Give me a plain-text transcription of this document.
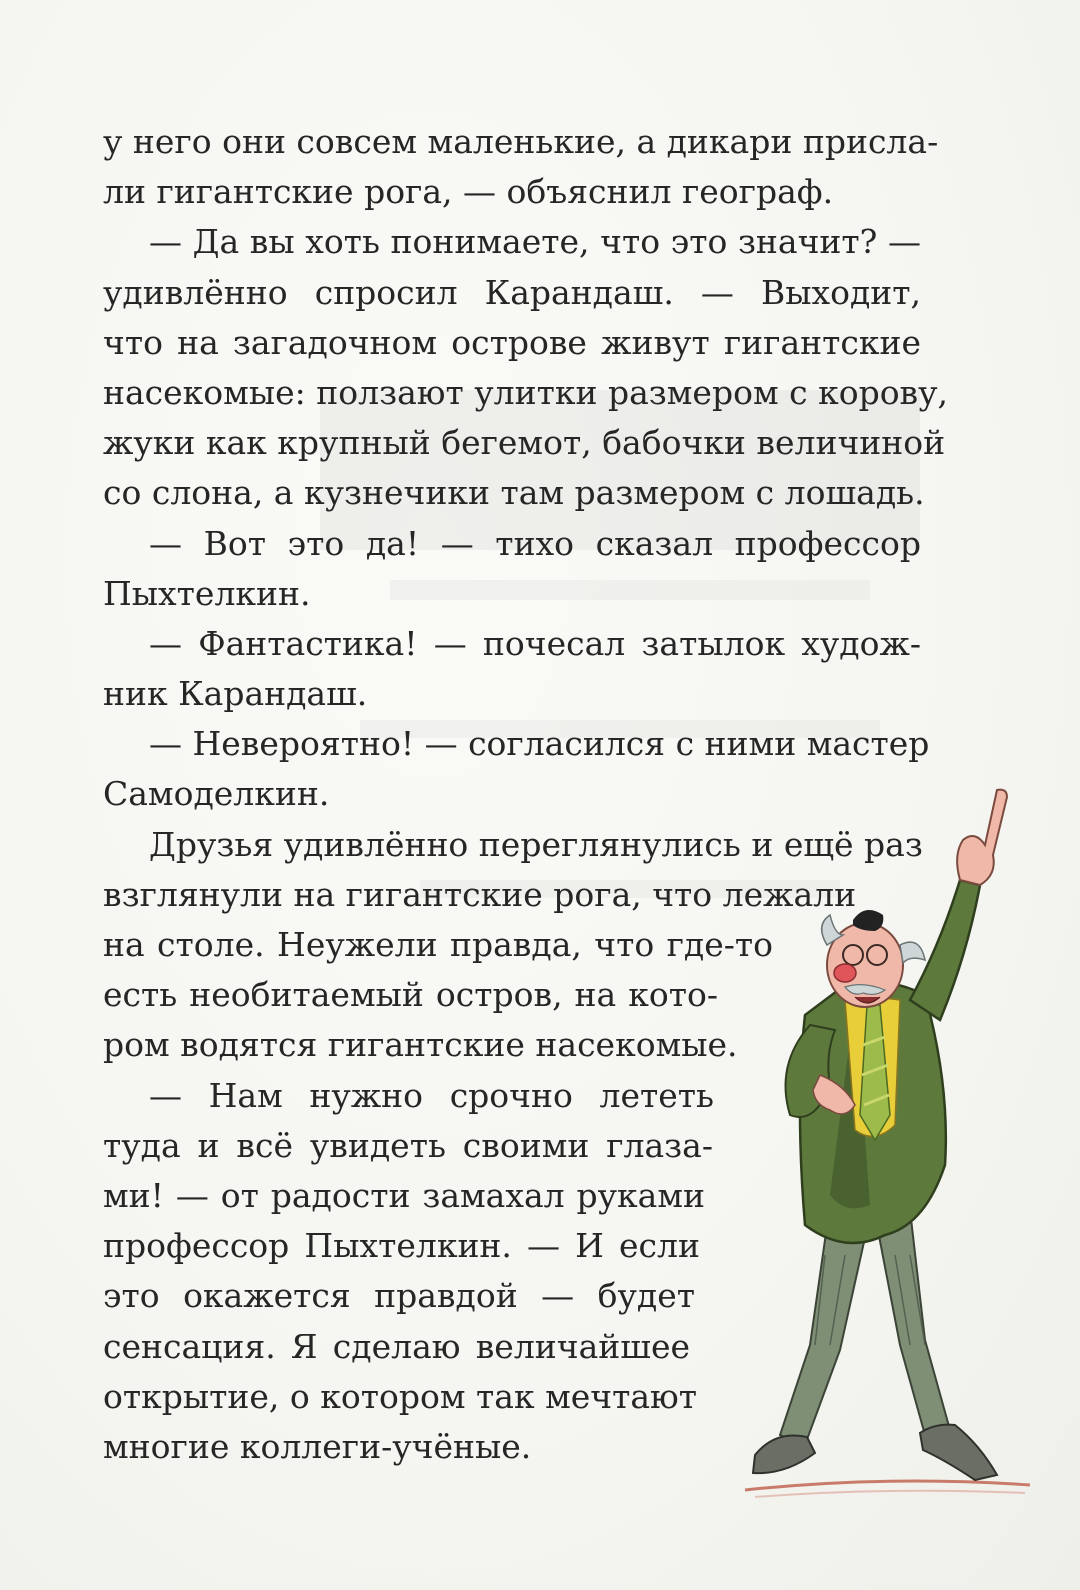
у него они совсем маленькие, а дикари присла-
ли гигантские рога, — объяснил географ.
— Да вы хоть понимаете, что это значит? —
удивлённо спросил Карандаш. — Выходит,
что на загадочном острове живут гигантские
насекомые: ползают улитки размером с корову,
жуки как крупный бегемот, бабочки величиной
со слона, а кузнечики там размером с лошадь.
— Вот это да! — тихо сказал профессор
Пыхтелкин.
— Фантастика! — почесал затылок худож-
ник Карандаш.
— Невероятно! — согласился с ними мастер
Самоделкин.
Друзья удивлённо переглянулись и ещё раз
взглянули на гигантские рога, что лежали
на столе. Неужели правда, что где-то
есть необитаемый остров, на кото-
ром водятся гигантские насекомые.
— Нам нужно срочно лететь
туда и всё увидеть своими глаза-
ми! — от радости замахал руками
профессор Пыхтелкин. — И если
это окажется правдой — будет
сенсация. Я сделаю величайшее
открытие, о котором так мечтают
многие коллеги-учёные.
